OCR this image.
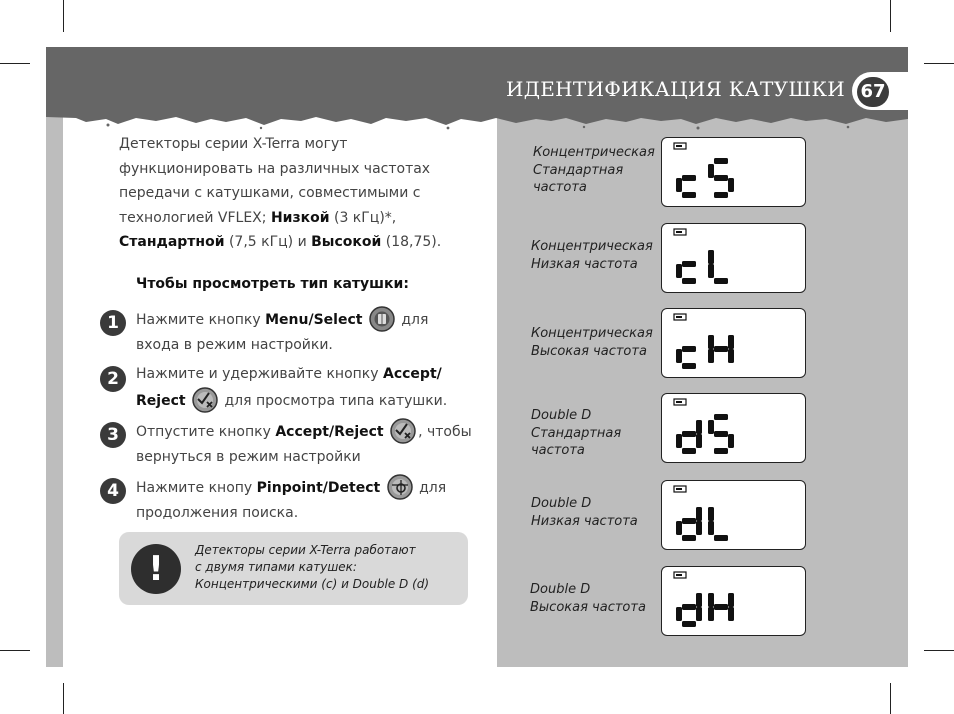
ИДЕНТИФИКАЦИЯ КАТУШКИ 67
Детекторы серии X-Terra могут функционировать на различных частотах передачи с катушками, совместимыми с технологией VFLEX; Низкой (3 кГц)*,
Стандартной (7,5 кГц) и Высокой (18,75).
Чтобы просмотреть тип катушки:
1	Нажмите кнопку Menu/Select  для входа в режим настройки.
2	Нажмите и удерживайте кнопку Accept/ Reject  для просмотра типа катушки.
3	Отпустите кнопку Accept/Reject , чтобы вернуться в режим настройки
4	Нажмите кнопу Pinpoint/Detect  для продолжения поиска.
!	Детекторы серии X-Terra работают
с двумя типами катушек:
Концентрическими (c) и Double D (d)
Концентрическая
Стандартная
частота
Концентрическая
Низкая частота
Концентрическая
Высокая частота
Double D
Стандартная
частота
Double D
Низкая частота
Double D
Высокая частота
